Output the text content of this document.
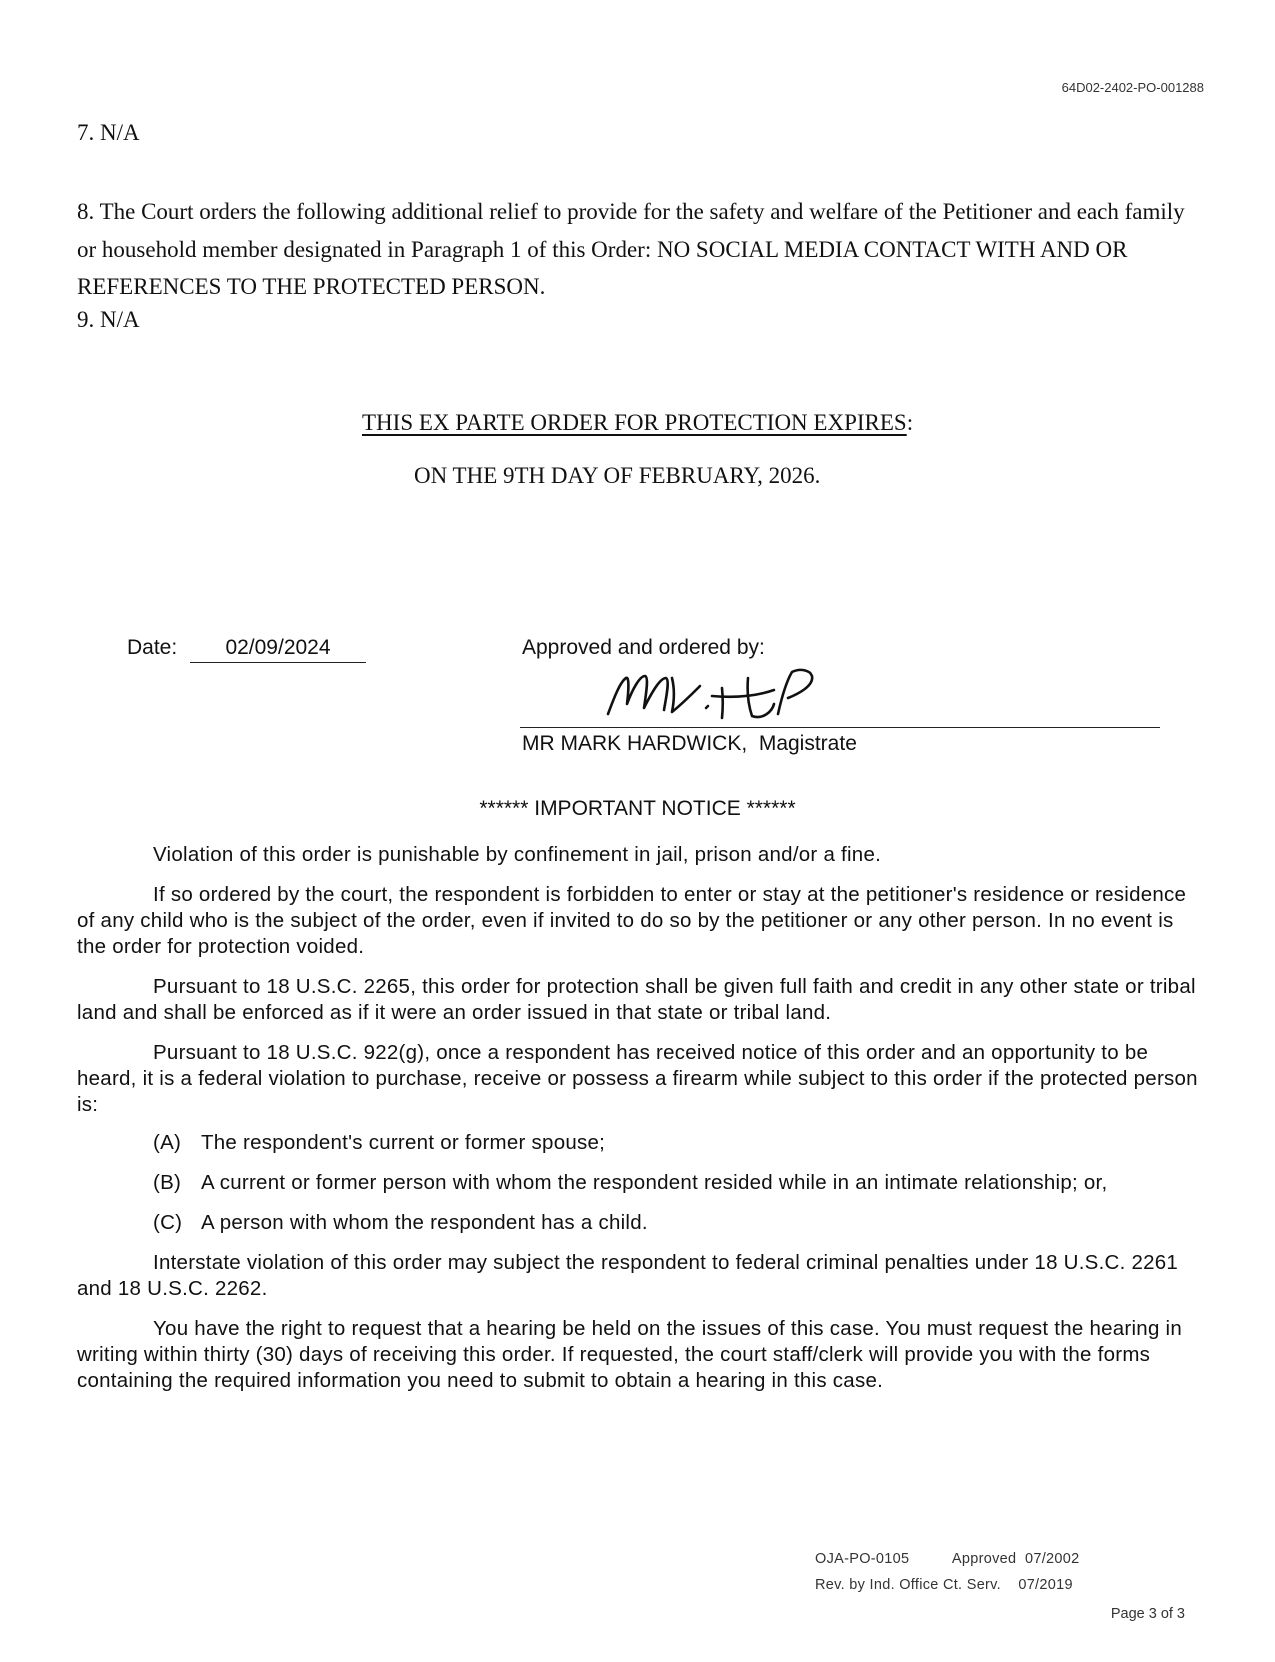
64D02-2402-PO-001288
7. N/A
8. The Court orders the following additional relief to provide for the safety and welfare of the Petitioner and each family or household member designated in Paragraph 1 of this Order: NO SOCIAL MEDIA CONTACT WITH AND OR REFERENCES TO THE PROTECTED PERSON.
9. N/A
THIS EX PARTE ORDER FOR PROTECTION EXPIRES:
ON THE 9TH DAY OF FEBRUARY, 2026.
Date:	02/09/2024	Approved and ordered by:
MR MARK HARDWICK,  Magistrate
****** IMPORTANT NOTICE ******

Violation of this order is punishable by confinement in jail, prison and/or a fine.

If so ordered by the court, the respondent is forbidden to enter or stay at the petitioner's residence or residence of any child who is the subject of the order, even if invited to do so by the petitioner or any other person. In no event is the order for protection voided.

Pursuant to 18 U.S.C. 2265, this order for protection shall be given full faith and credit in any other state or tribal land and shall be enforced as if it were an order issued in that state or tribal land.

Pursuant to 18 U.S.C. 922(g), once a respondent has received notice of this order and an opportunity to be heard, it is a federal violation to purchase, receive or possess a firearm while subject to this order if the protected person is:

(A) The respondent's current or former spouse;
(B) A current or former person with whom the respondent resided while in an intimate relationship; or,
(C) A person with whom the respondent has a child.

Interstate violation of this order may subject the respondent to federal criminal penalties under 18 U.S.C. 2261 and 18 U.S.C. 2262.

You have the right to request that a hearing be held on the issues of this case. You must request the hearing in writing within thirty (30) days of receiving this order. If requested, the court staff/clerk will provide you with the forms containing the required information you need to submit to obtain a hearing in this case.

OJA-PO-0105	Approved  07/2002
Rev. by Ind. Office Ct. Serv. 07/2019
Page 3 of 3
